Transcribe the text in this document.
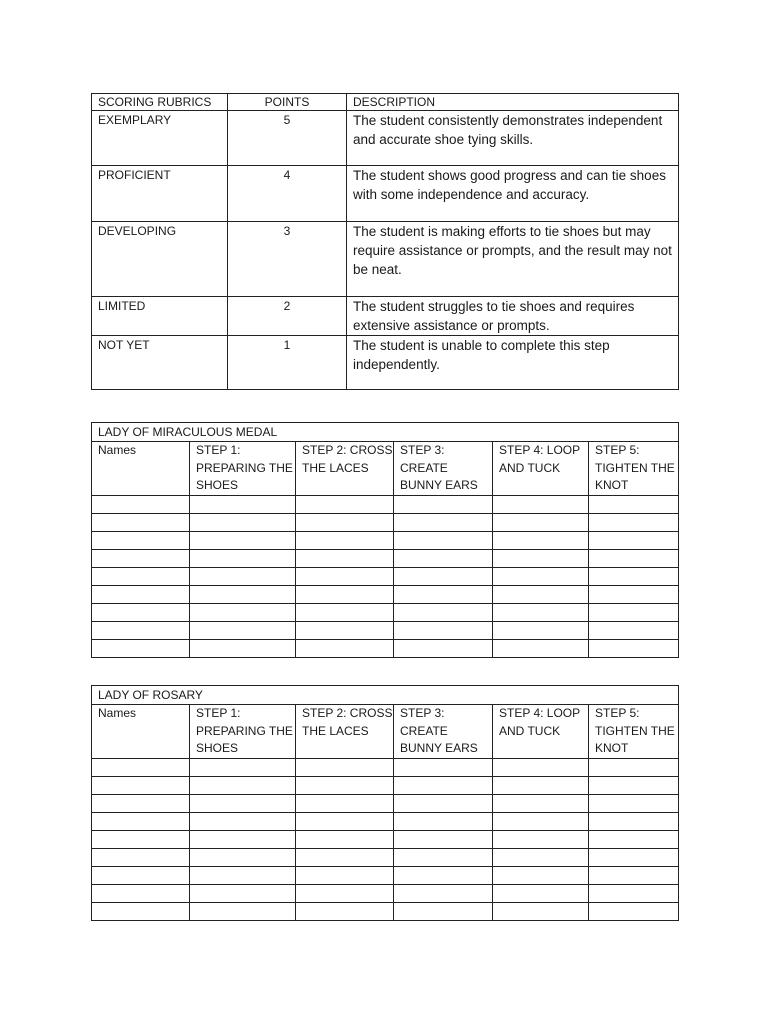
SCORING RUBRICS	POINTS	DESCRIPTION
EXEMPLARY	5	The student consistently demonstrates independent and accurate shoe tying skills.
PROFICIENT	4	The student shows good progress and can tie shoes with some independence and accuracy.
DEVELOPING	3	The student is making efforts to tie shoes but may require assistance or prompts, and the result may not be neat.
LIMITED	2	The student struggles to tie shoes and requires extensive assistance or prompts.
NOT YET	1	The student is unable to complete this step independently.
LADY OF MIRACULOUS MEDAL					
Names	STEP 1: PREPARING THE SHOES	STEP 2: CROSS THE LACES	STEP 3: CREATE BUNNY EARS	STEP 4: LOOP AND TUCK	STEP 5: TIGHTEN THE KNOT

LADY OF ROSARY					
Names	STEP 1: PREPARING THE SHOES	STEP 2: CROSS THE LACES	STEP 3: CREATE BUNNY EARS	STEP 4: LOOP AND TUCK	STEP 5: TIGHTEN THE KNOT
